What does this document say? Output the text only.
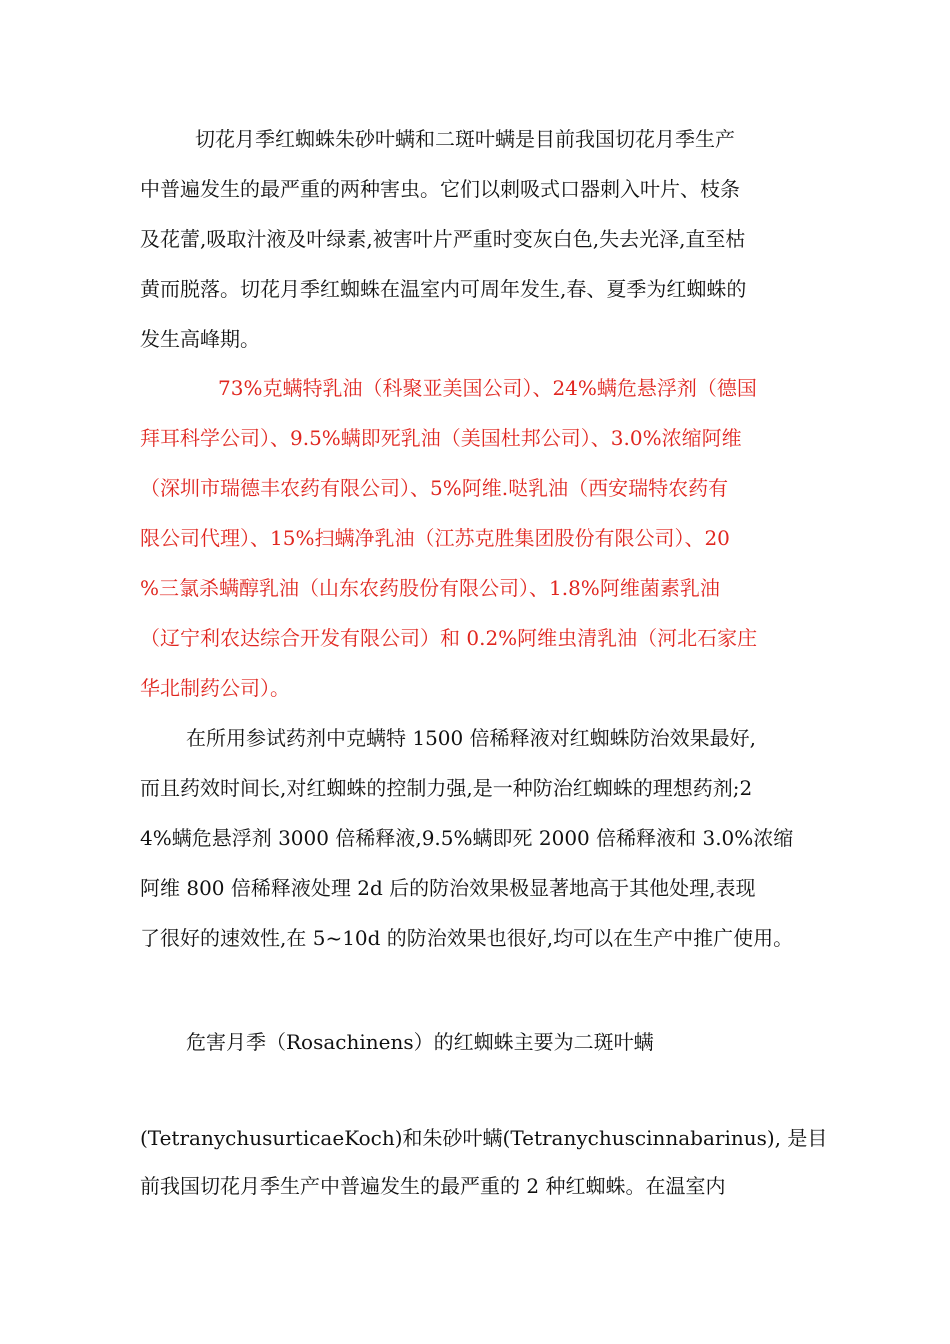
切花月季红蜘蛛朱砂叶螨和二斑叶螨是目前我国切花月季生产
中普遍发生的最严重的两种害虫。它们以刺吸式口器刺入叶片、枝条
及花蕾,吸取汁液及叶绿素,被害叶片严重时变灰白色,失去光泽,直至枯
黄而脱落。切花月季红蜘蛛在温室内可周年发生,春、夏季为红蜘蛛的
发生高峰期。
73%克螨特乳油（科聚亚美国公司）、24%螨危悬浮剂（德国
拜耳科学公司）、9.5%螨即死乳油（美国杜邦公司）、3.0%浓缩阿维
（深圳市瑞德丰农药有限公司）、5%阿维.哒乳油（西安瑞特农药有
限公司代理）、15%扫螨净乳油（江苏克胜集团股份有限公司）、20
%三氯杀螨醇乳油（山东农药股份有限公司）、1.8%阿维菌素乳油
（辽宁利农达综合开发有限公司）和 0.2%阿维虫清乳油（河北石家庄
华北制药公司）。
在所用参试药剂中克螨特 1500 倍稀释液对红蜘蛛防治效果最好,
而且药效时间长,对红蜘蛛的控制力强,是一种防治红蜘蛛的理想药剂;2
4%螨危悬浮剂 3000 倍稀释液,9.5%螨即死 2000 倍稀释液和 3.0%浓缩
阿维 800 倍稀释液处理 2d 后的防治效果极显著地高于其他处理,表现
了很好的速效性,在 5~10d 的防治效果也很好,均可以在生产中推广使用。
危害月季（Rosachinens）的红蜘蛛主要为二斑叶螨
(TetranychusurticaeKoch)和朱砂叶螨(Tetranychuscinnabarinus), 是目
前我国切花月季生产中普遍发生的最严重的 2 种红蜘蛛。在温室内
